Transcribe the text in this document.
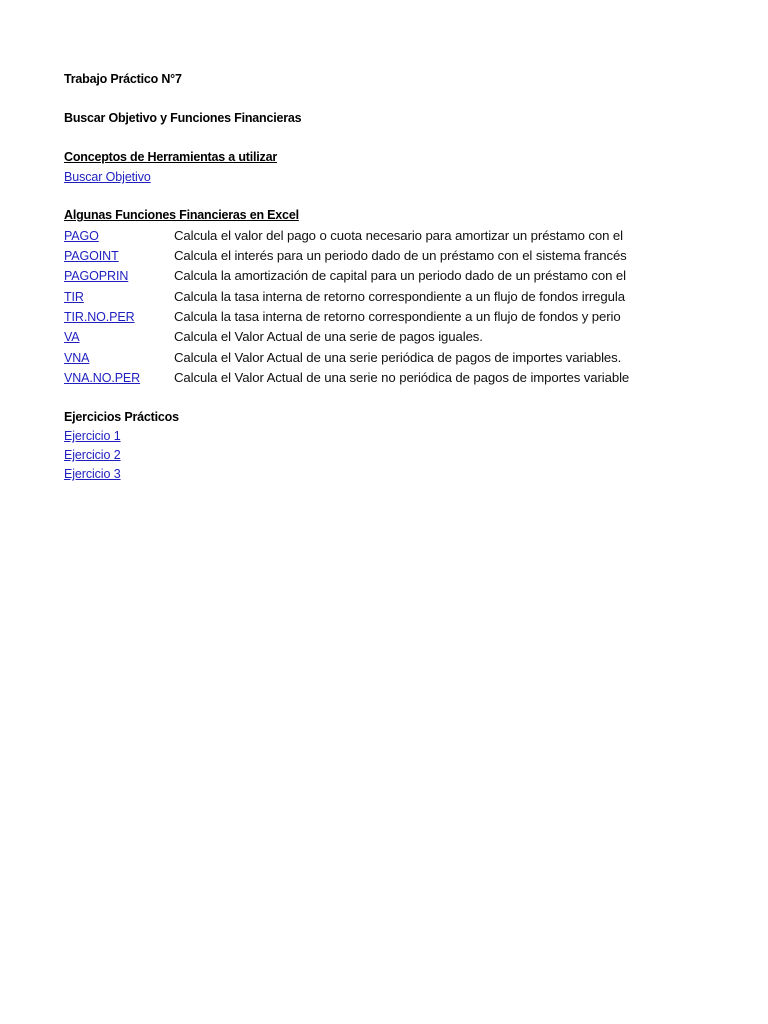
Trabajo Práctico N°7
Buscar Objetivo y Funciones Financieras
Conceptos de Herramientas a utilizar
Buscar Objetivo
Algunas Funciones Financieras en Excel
PAGO	Calcula el valor del pago o cuota necesario para amortizar un préstamo con el
PAGOINT	Calcula el interés para un periodo dado de un préstamo con el sistema francés
PAGOPRIN	Calcula la amortización de capital para un periodo dado de un préstamo con el
TIR	Calcula la tasa interna de retorno correspondiente a un flujo de fondos irregula
TIR.NO.PER	Calcula la tasa interna de retorno correspondiente a un flujo de fondos y perio
VA	Calcula el Valor Actual de una serie de pagos iguales.
VNA	Calcula el Valor Actual de una serie periódica de pagos de importes variables.
VNA.NO.PER	Calcula el Valor Actual de una serie no periódica de pagos de importes variable
Ejercicios Prácticos
Ejercicio 1
Ejercicio 2
Ejercicio 3
